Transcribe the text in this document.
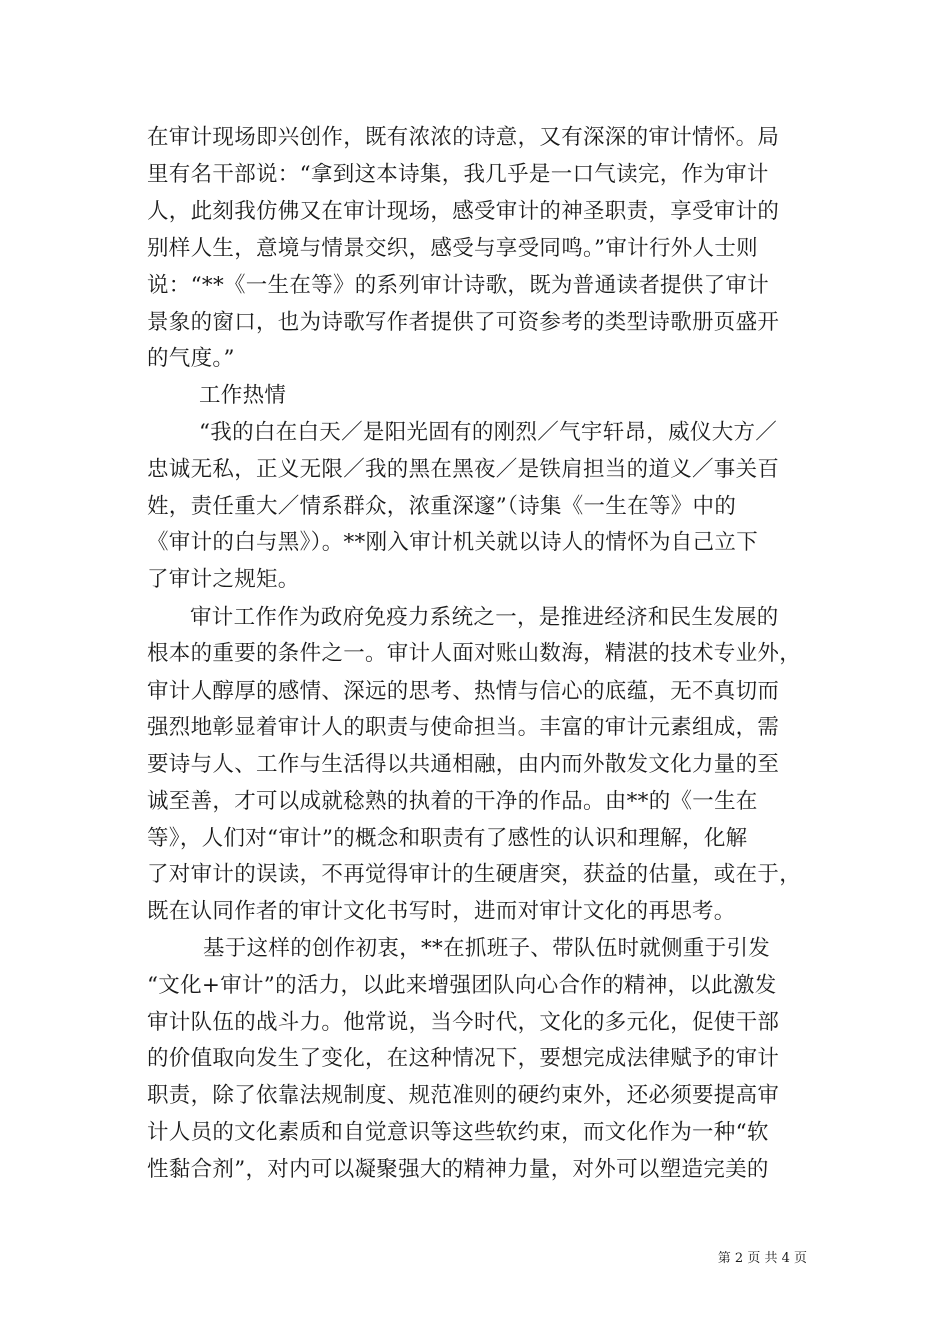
在审计现场即兴创作，既有浓浓的诗意，又有深深的审计情怀。局
里有名干部说：“拿到这本诗集，我几乎是一口气读完，作为审计
人，此刻我仿佛又在审计现场，感受审计的神圣职责，享受审计的
别样人生，意境与情景交织，感受与享受同鸣。”审计行外人士则
说：“**《一生在等》的系列审计诗歌，既为普通读者提供了审计
景象的窗口，也为诗歌写作者提供了可资参考的类型诗歌册页盛开
的气度。”
工作热情
“我的白在白天／是阳光固有的刚烈／气宇轩昂，威仪大方／
忠诚无私，正义无限／我的黑在黑夜／是铁肩担当的道义／事关百
姓，责任重大／情系群众，浓重深邃”（诗集《一生在等》中的
《审计的白与黑》）。**刚入审计机关就以诗人的情怀为自己立下
了审计之规矩。
审计工作作为政府免疫力系统之一，是推进经济和民生发展的
根本的重要的条件之一。审计人面对账山数海，精湛的技术专业外，
审计人醇厚的感情、深远的思考、热情与信心的底蕴，无不真切而
强烈地彰显着审计人的职责与使命担当。丰富的审计元素组成，需
要诗与人、工作与生活得以共通相融，由内而外散发文化力量的至
诚至善，才可以成就稔熟的执着的干净的作品。由**的《一生在
等》，人们对“审计”的概念和职责有了感性的认识和理解，化解
了对审计的误读，不再觉得审计的生硬唐突，获益的估量，或在于，
既在认同作者的审计文化书写时，进而对审计文化的再思考。
基于这样的创作初衷，**在抓班子、带队伍时就侧重于引发
“文化+审计”的活力，以此来增强团队向心合作的精神，以此激发
审计队伍的战斗力。他常说，当今时代，文化的多元化，促使干部
的价值取向发生了变化，在这种情况下，要想完成法律赋予的审计
职责，除了依靠法规制度、规范准则的硬约束外，还必须要提高审
计人员的文化素质和自觉意识等这些软约束，而文化作为一种“软
性黏合剂”，对内可以凝聚强大的精神力量，对外可以塑造完美的
第 2 页 共 4 页
